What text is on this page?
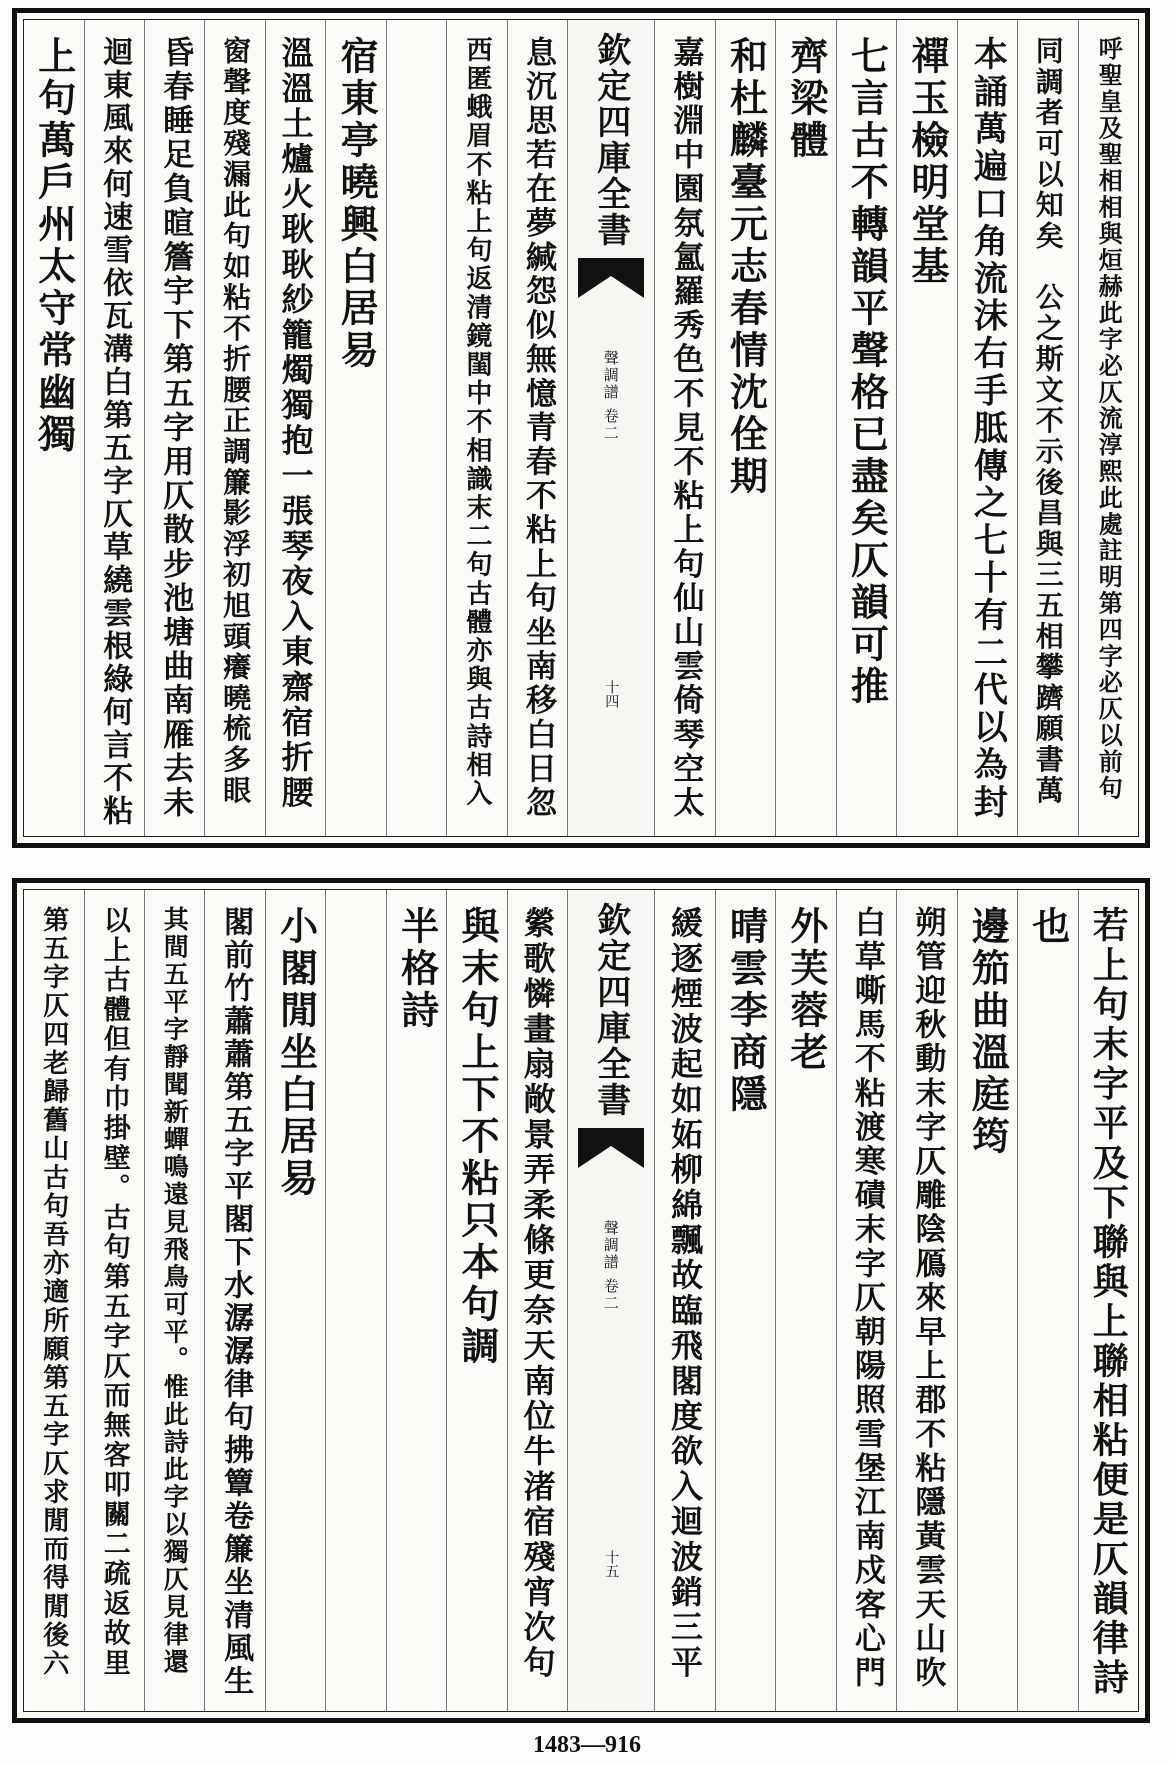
呼聖皇及聖相相與烜赫此字必仄流淳熙此處註明第四字必仄以前句
同調者可以知矣　公之斯文不示後昌與三五相攀躋願書萬
本誦萬遍口角流沫右手胝傳之七十有二代以為封
禪玉檢明堂基
七言古不轉韻平聲格已盡矣仄韻可推
齊梁體
和杜麟臺元志春情沈佺期
嘉樹淵中園氛氳羅秀色不見不粘上句仙山雲倚琴空太
欽定四庫全書
聲調譜 卷二
十四
息沉思若在夢緘怨似無憶青春不粘上句坐南移白日忽
西匿蛾眉不粘上句返清鏡閨中不相識末二句古體亦與古詩相入
宿東亭曉興白居易
溫溫土爐火耿耿紗籠燭獨抱一張琴夜入東齋宿折腰
窗聲度殘漏此句如粘不折腰正調簾影浮初旭頭癢曉梳多眼
昏春睡足負暄簷宇下第五字用仄散步池塘曲南雁去未
迴東風來何速雪依瓦溝白第五字仄草繞雲根綠何言不粘
上句萬戶州太守常幽獨
若上句末字平及下聯與上聯相粘便是仄韻律詩
也
邊笳曲溫庭筠
朔管迎秋動末字仄雕陰鴈來早上郡不粘隱黃雲天山吹
白草嘶馬不粘渡寒磧末字仄朝陽照雪堡江南戍客心門
外芙蓉老
晴雲李商隱
緩逐煙波起如妬柳綿飄故臨飛閣度欲入迴波銷三平
欽定四庫全書
聲調譜 卷二
十五
縈歌憐畫扇敞景弄柔條更奈天南位牛渚宿殘宵次句
與末句上下不粘只本句調
半格詩
小閣閒坐白居易
閣前竹蕭蕭第五字平閣下水潺潺律句拂簟卷簾坐清風生
其間五平字靜聞新蟬鳴遠見飛鳥可平。惟此詩此字以獨仄見律還
以上古體但有巾掛壁。古句第五字仄而無客叩關二疏返故里
第五字仄四老歸舊山古句吾亦適所願第五字仄求閒而得閒後六
1483—916
